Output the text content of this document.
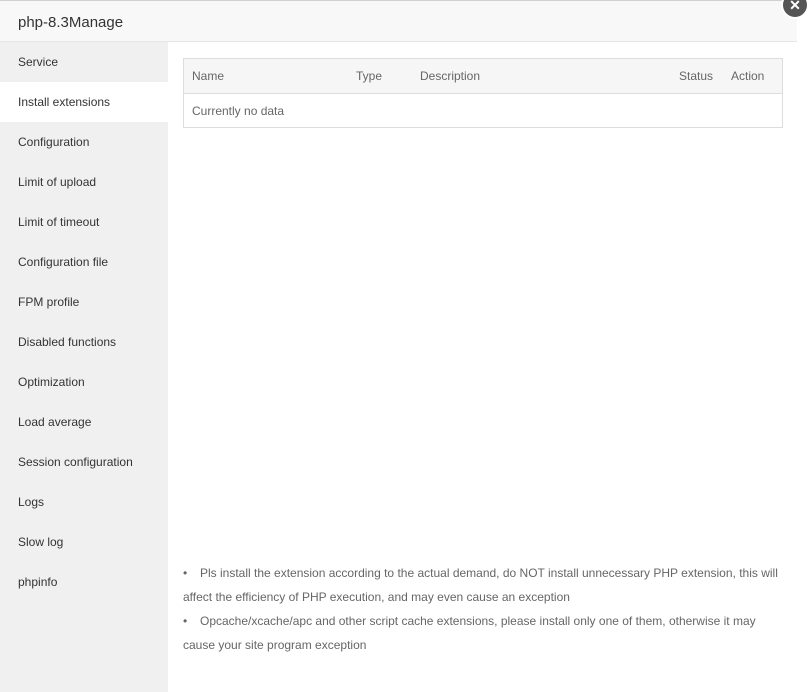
php-8.3Manage
✕
Service
Install extensions
Configuration
Limit of upload
Limit of timeout
Configuration file
FPM profile
Disabled functions
Optimization
Load average
Session configuration
Logs
Slow log
phpinfo
Name	Type	Description	Status	Action
Currently no data
• Pls install the extension according to the actual demand, do NOT install unnecessary PHP extension, this will affect the efficiency of PHP execution, and may even cause an exception
• Opcache/xcache/apc and other script cache extensions, please install only one of them, otherwise it may cause your site program exception
